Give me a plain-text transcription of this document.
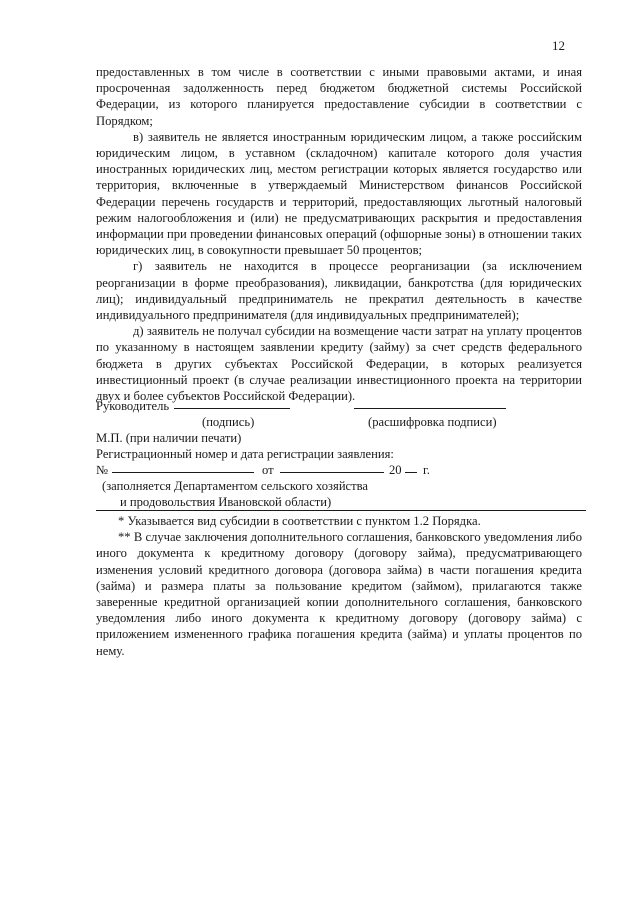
12

предоставленных в том числе в соответствии с иными правовыми актами, и иная просроченная задолженность перед бюджетом бюджетной системы Российской Федерации, из которого планируется предоставление субсидии в соответствии с Порядком;

в) заявитель не является иностранным юридическим лицом, а также российским юридическим лицом, в уставном (складочном) капитале которого доля участия иностранных юридических лиц, местом регистрации которых является государство или территория, включенные в утверждаемый Министерством финансов Российской Федерации перечень государств и территорий, предоставляющих льготный налоговый режим налогообложения и (или) не предусматривающих раскрытия и предоставления информации при проведении финансовых операций (офшорные зоны) в отношении таких юридических лиц, в совокупности превышает 50 процентов;

г) заявитель не находится в процессе реорганизации (за исключением реорганизации в форме преобразования), ликвидации, банкротства (для юридических лиц); индивидуальный предприниматель не прекратил деятельность в качестве индивидуального предпринимателя (для индивидуальных предпринимателей);

д) заявитель не получал субсидии на возмещение части затрат на уплату процентов по указанному в настоящем заявлении кредиту (займу) за счет средств федерального бюджета в других субъектах Российской Федерации, в которых реализуется инвестиционный проект (в случае реализации инвестиционного проекта на территории двух и более субъектов Российской Федерации).

Руководитель
(подпись)	(расшифровка подписи)
М.П. (при наличии печати)
Регистрационный номер и дата регистрации заявления:
№	от	20 г.
(заполняется Департаментом сельского хозяйства
и продовольствия Ивановской области)

* Указывается вид субсидии в соответствии с пунктом 1.2 Порядка.

** В случае заключения дополнительного соглашения, банковского уведомления либо иного документа к кредитному договору (договору займа), предусматривающего изменения условий кредитного договора (договора займа) в части погашения кредита (займа) и размера платы за пользование кредитом (займом), прилагаются также заверенные кредитной организацией копии дополнительного соглашения, банковского уведомления либо иного документа к кредитному договору (договору займа) с приложением измененного графика погашения кредита (займа) и уплаты процентов по нему.
